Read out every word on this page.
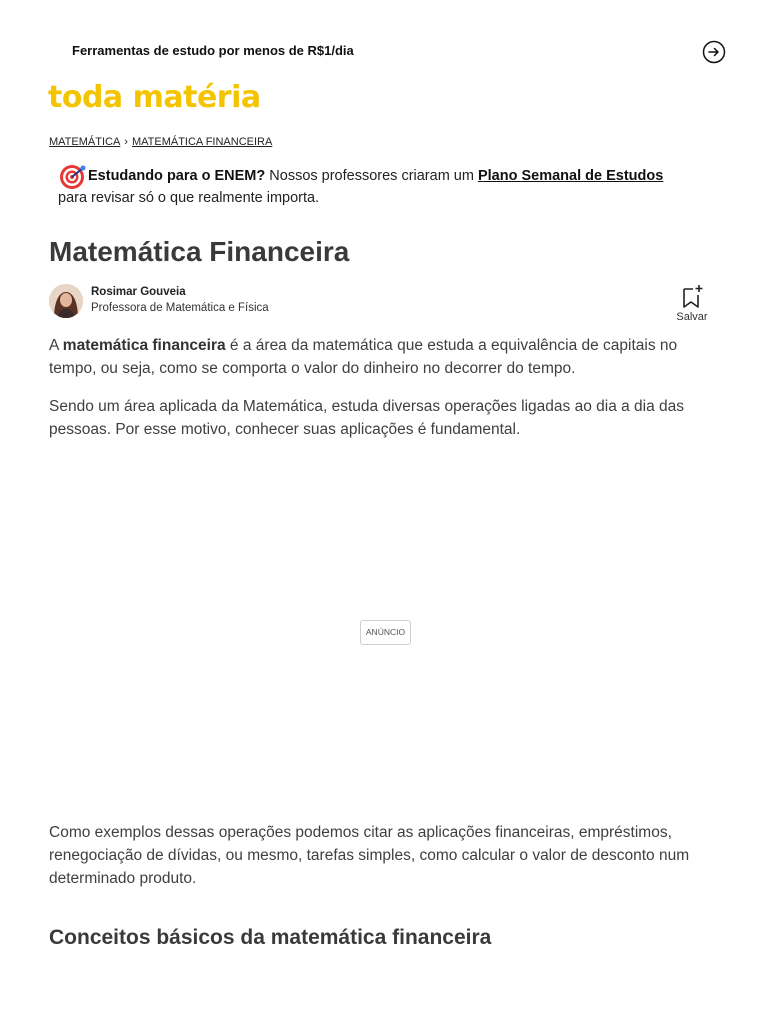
Ferramentas de estudo por menos de R$1/dia
toda matéria
MATEMÁTICA › MATEMÁTICA FINANCEIRA
Estudando para o ENEM? Nossos professores criaram um Plano Semanal de Estudos
para revisar só o que realmente importa.
Matemática Financeira
Rosimar Gouveia
Professora de Matemática e Física
Salvar

A matemática financeira é a área da matemática que estuda a equivalência de capitais no tempo, ou seja, como se comporta o valor do dinheiro no decorrer do tempo.

Sendo um área aplicada da Matemática, estuda diversas operações ligadas ao dia a dia das pessoas. Por esse motivo, conhecer suas aplicações é fundamental.

ANÚNCIO

Como exemplos dessas operações podemos citar as aplicações financeiras, empréstimos, renegociação de dívidas, ou mesmo, tarefas simples, como calcular o valor de desconto num determinado produto.

Conceitos básicos da matemática financeira
